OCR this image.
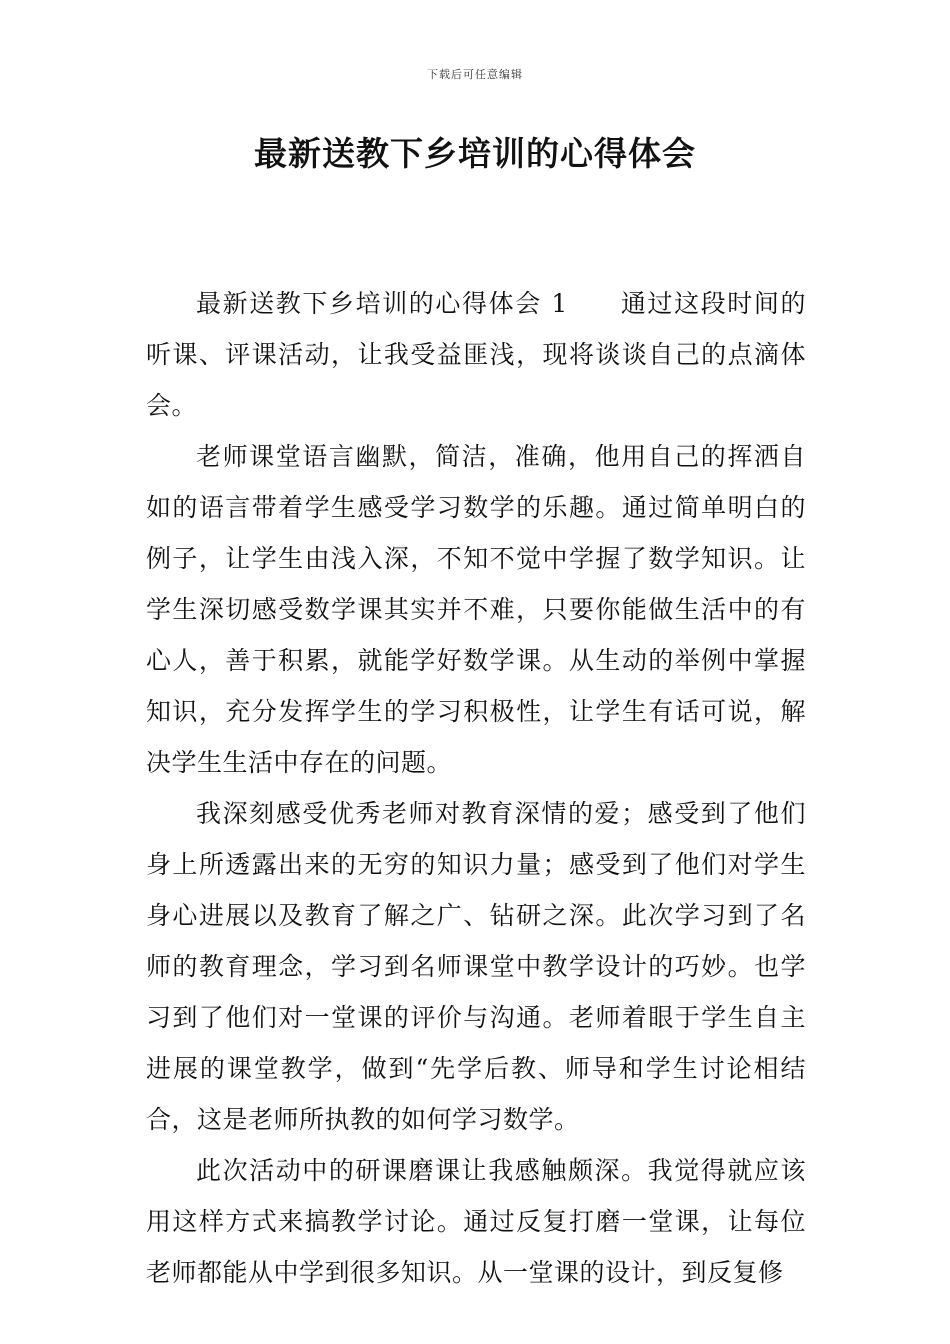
下载后可任意编辑
最新送教下乡培训的心得体会

最新送教下乡培训的心得体会 1 通过这段时间的听课、评课活动，让我受益匪浅，现将谈谈自己的点滴体会。

老师课堂语言幽默，简洁，准确，他用自己的挥洒自如的语言带着学生感受学习数学的乐趣。通过简单明白的例子，让学生由浅入深，不知不觉中学握了数学知识。让学生深切感受数学课其实并不难，只要你能做生活中的有心人，善于积累，就能学好数学课。从生动的举例中掌握知识，充分发挥学生的学习积极性，让学生有话可说，解决学生生活中存在的问题。

我深刻感受优秀老师对教育深情的爱；感受到了他们身上所透露出来的无穷的知识力量；感受到了他们对学生身心进展以及教育了解之广、钻研之深。此次学习到了名师的教育理念，学习到名师课堂中教学设计的巧妙。也学习到了他们对一堂课的评价与沟通。老师着眼于学生自主进展的课堂教学，做到“先学后教、师导和学生讨论相结合，这是老师所执教的如何学习数学。

此次活动中的研课磨课让我感触颇深。我觉得就应该用这样方式来搞教学讨论。通过反复打磨一堂课，让每位老师都能从中学到很多知识。从一堂课的设计，到反复修
